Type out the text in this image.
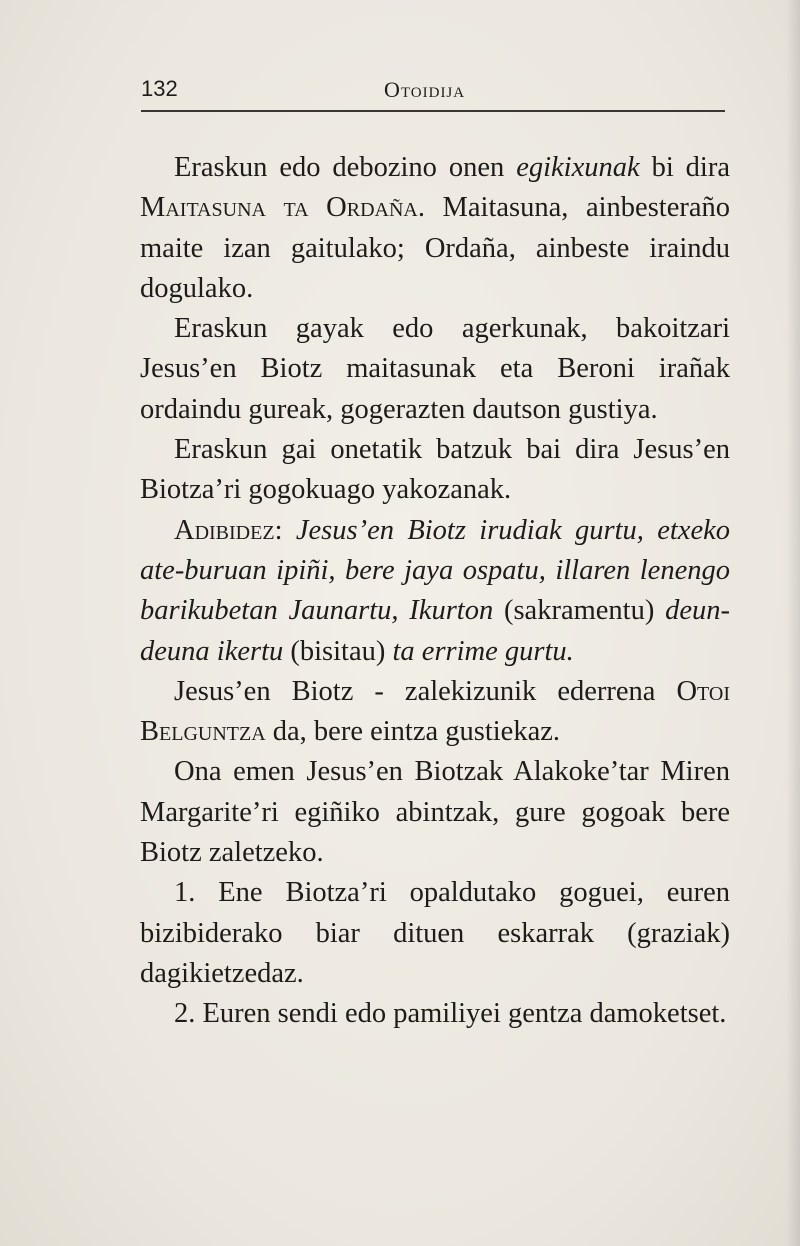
132	Otoidija

Eraskun edo debozino onen egikixunak bi dira Maitasuna ta Ordaña. Maitasuna, ainbesteraño maite izan gaitulako; Ordaña, ainbeste iraindu dogulako.

Eraskun gayak edo agerkunak, bakoitzari Jesus’en Biotz maitasunak eta Beroni irañak ordaindu gureak, gogerazten dautson gustiya.

Eraskun gai onetatik batzuk bai dira Jesus’en Biotza’ri gogokuago yakozanak.

Adibidez: Jesus’en Biotz irudiak gurtu, etxeko ate-buruan ipiñi, bere jaya ospatu, illaren lenengo barikubetan Jaunartu, Ikurton (sakramentu) deun-deuna ikertu (bisitau) ta errime gurtu.

Jesus’en Biotz - zalekizunik ederrena Otoi Belguntza da, bere eintza gustiekaz.

Ona emen Jesus’en Biotzak Alakoke’tar Miren Margarite’ri egiñiko abintzak, gure gogoak bere Biotz zaletzeko.

1. Ene Biotza’ri opaldutako goguei, euren bizibiderako biar dituen eskarrak (graziak) dagikietzedaz.

2. Euren sendi edo pamiliyei gentza damoketset.
